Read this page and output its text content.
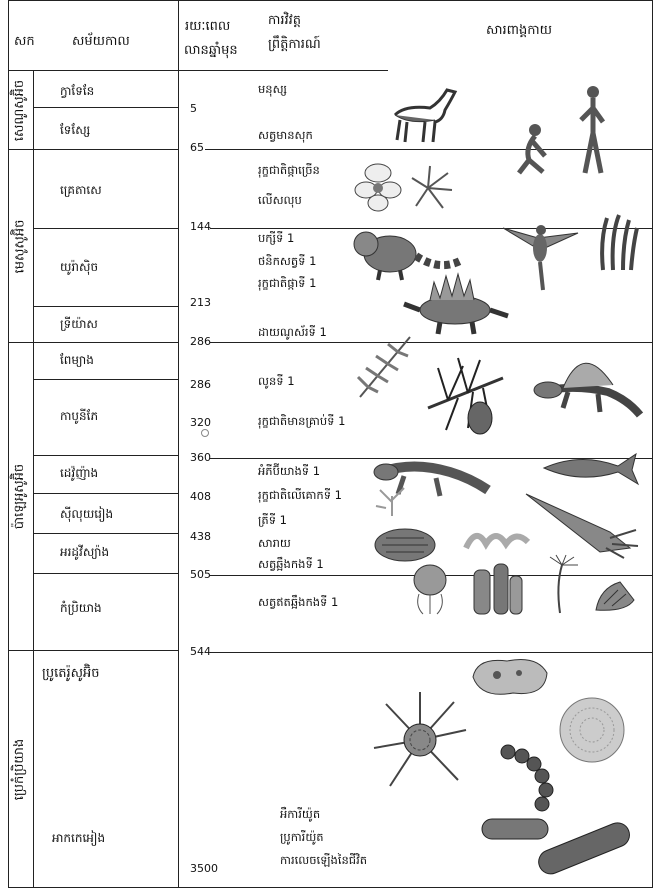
សក	សម័យកាល
រយៈពេល
លានឆ្នាំមុន
ការវិវត្ត
ព្រឹត្តិការណ៍
សារពាង្គកាយ
សេណូសូអ៊ិច
មេសូសូអ៊ិច
ប៉ាឡេអូសូអ៊ិច
ប្រេកំប្រិយាង
ក្វាទែនែ
ទែស្សែ
គ្រេតាសេ
យូរ៉ាស៊ិច
ទ្រីយ៉ាស
ពែម្យាង
កាបូនីភែ
ដេវ៉ូញ៉ាង
ស៊ីលុយរៀង
អរដូវីស្យ៉ាង
កំប្រិយាង
ប្រូតេរ៉ូសូអ៊ិច
អាកកេអៀង
5
65
144
213
286
286
320
360
408
438
505
544
3500
មនុស្ស
សត្វមានសុក
រុក្ខជាតិផ្កាច្រើន
លើសលុប
បក្សីទី 1
ថនិកសត្វទី 1
រុក្ខជាតិផ្កាទី 1
ដាយណូស័រទី 1
លូនទី 1
រុក្ខជាតិមានគ្រាប់ទី 1
អំភីប៊ីយាងទី 1
រុក្ខជាតិលើគោកទី 1
ត្រីទី 1
សារាយ
សត្វឆ្អឹងកងទី 1
សត្វឥតឆ្អឹងកងទី 1
អឺការីយ៉ូត
ប្រូការីយ៉ូត
ការលេចឡើងនៃជីវិត
